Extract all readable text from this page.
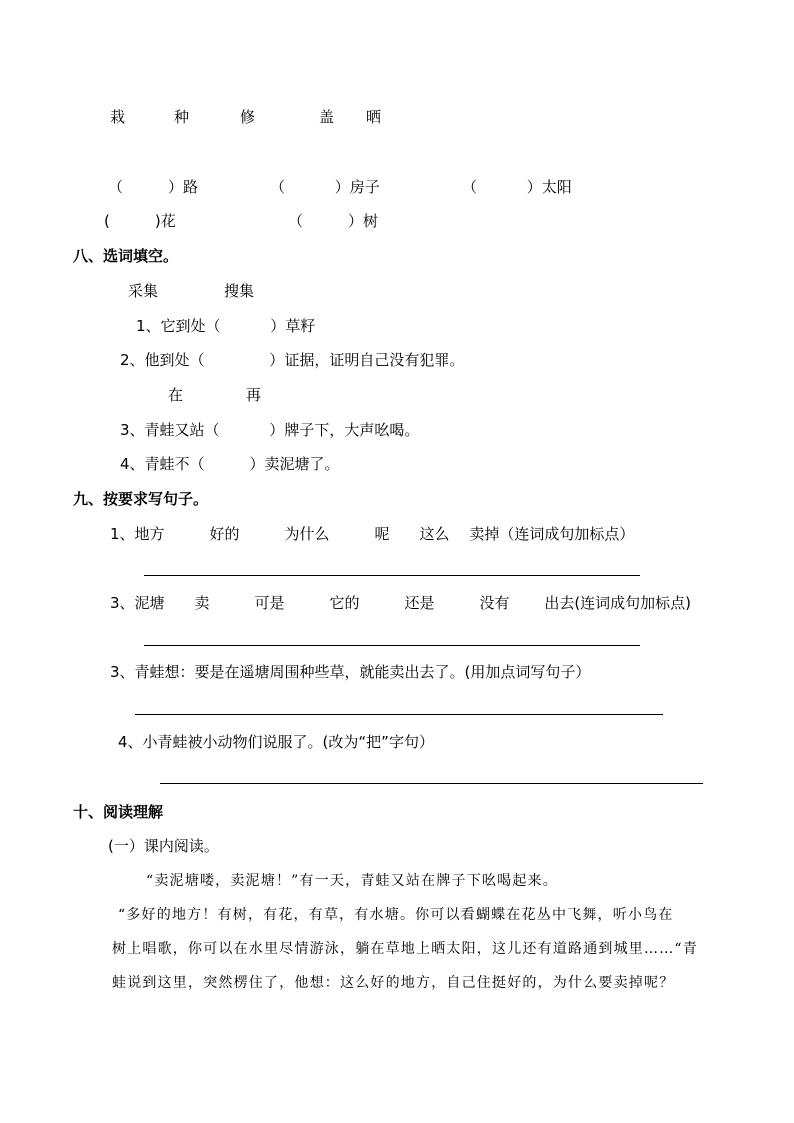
栽	种	修	盖 晒
（　　　）路	（　　　 ）房子	（　　　 ）太阳
(　　　)花	（　　　）树
八、选词填空。
采集	搜集
1、它到处（　　　 ）草籽
2、他到处（　　　　 ）证据，证明自己没有犯罪。
在	再
3、青蛙又站（　　　 ）牌子下，大声吆喝。
4、青蛙不（　　　）卖泥塘了。
九、按要求写句子。
1、地方　　　好的　　　为什么　　　呢　　这么　 卖掉（连词成句加标点）
3、泥塘　　卖　　　可是　　　它的　　　还是　　　没有　　 出去(连词成句加标点)
3、青蛙想：要是在遥塘周围种些草，就能卖出去了。(用加点词写句子）
4、小青蛙被小动物们说服了。(改为“把”字句）
十、阅读理解
(一）课内阅读。
“卖泥塘喽，卖泥塘！”有一天，青蛙又站在牌子下吆喝起来。
“多好的地方！有树，有花，有草，有水塘。你可以看蝴蝶在花丛中飞舞，听小鸟在
树上唱歌，你可以在水里尽情游泳，躺在草地上晒太阳，这儿还有道路通到城里……“青
蛙说到这里，突然楞住了，他想：这么好的地方，自己住挺好的，为什么要卖掉呢？
